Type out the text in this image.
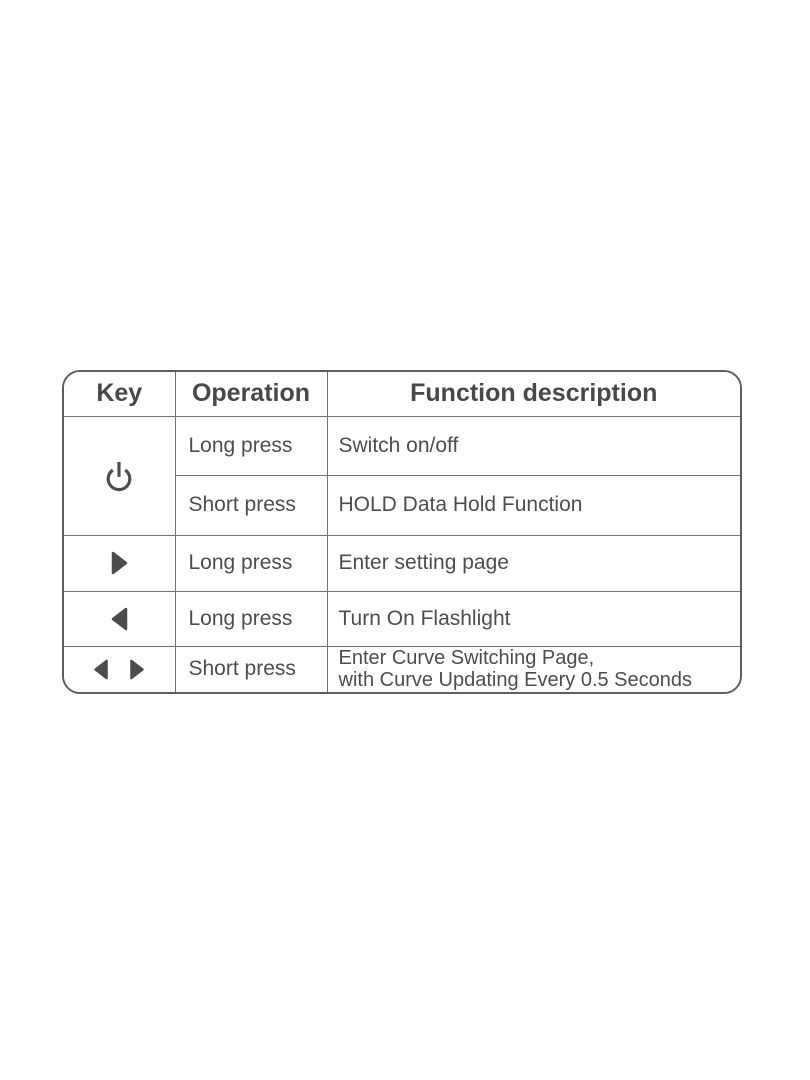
Key	Operation	Function description
	Long press	Switch on/off
	Short press	HOLD Data Hold Function
	Long press	Enter setting page
	Long press	Turn On Flashlight

	Short press	Enter Curve Switching Page,
with Curve Updating Every 0.5 Seconds
